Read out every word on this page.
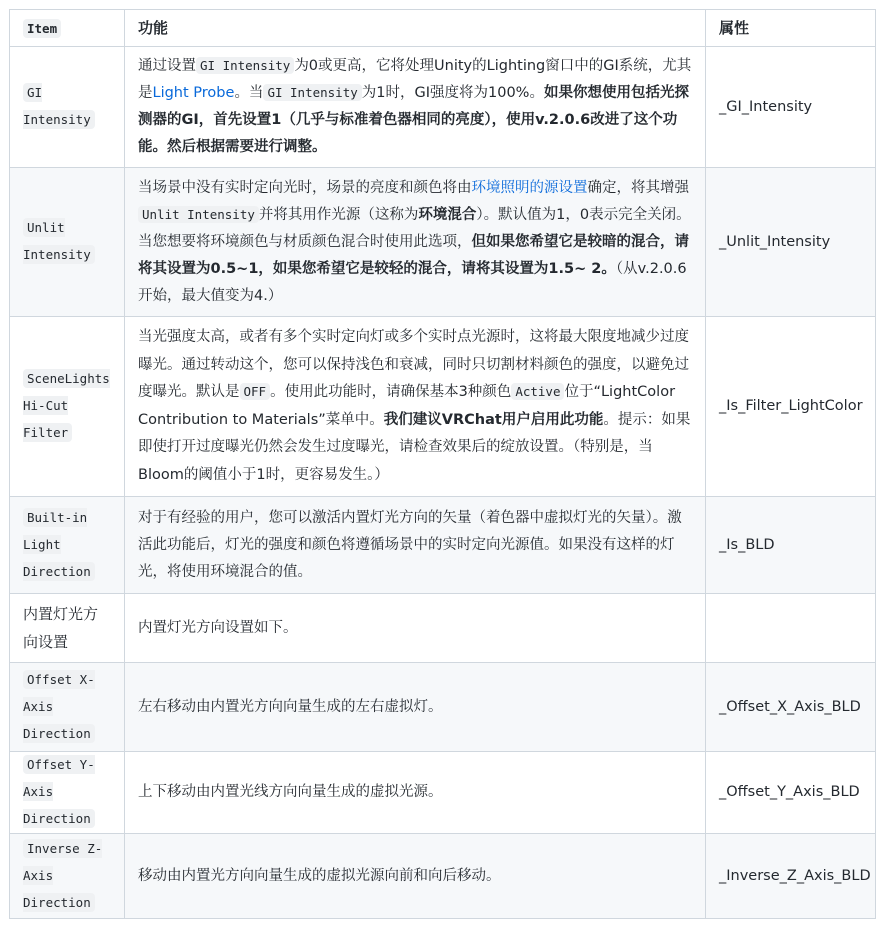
Item	功能	属性
GI Intensity	通过设置 GI Intensity 为0或更高，它将处理Unity的Lighting窗口中的GI系统，尤其是Light Probe。当 GI Intensity 为1时，GI强度将为100%。如果你想使用包括光探测器的GI，首先设置1（几乎与标准着色器相同的亮度），使用v.2.0.6改进了这个功能。然后根据需要进行调整。	_GI_Intensity
Unlit Intensity	当场景中没有实时定向光时，场景的亮度和颜色将由环境照明的源设置确定，将其增强Unlit Intensity 并将其用作光源（这称为环境混合）。默认值为1，0表示完全关闭。当您想要将环境颜色与材质颜色混合时使用此选项，但如果您希望它是较暗的混合，请将其设置为0.5~1，如果您希望它是较轻的混合，请将其设置为1.5~ 2。（从v.2.0.6开始，最大值变为4.）	_Unlit_Intensity
SceneLights Hi-Cut Filter	当光强度太高，或者有多个实时定向灯或多个实时点光源时，这将最大限度地减少过度曝光。通过转动这个，您可以保持浅色和衰减，同时只切割材料颜色的强度，以避免过度曝光。默认是 OFF 。使用此功能时，请确保基本3种颜色 Active 位于“LightColor Contribution to Materials”菜单中。我们建议VRChat用户启用此功能。提示：如果即使打开过度曝光仍然会发生过度曝光，请检查效果后的绽放设置。（特别是，当Bloom的阈值小于1时，更容易发生。）	_Is_Filter_LightColor
Built-in Light Direction	对于有经验的用户，您可以激活内置灯光方向的矢量（着色器中虚拟灯光的矢量）。激活此功能后，灯光的强度和颜色将遵循场景中的实时定向光源值。如果没有这样的灯光，将使用环境混合的值。	_Is_BLD
内置灯光方向设置	内置灯光方向设置如下。	
Offset X-Axis Direction	左右移动由内置光方向向量生成的左右虚拟灯。	_Offset_X_Axis_BLD
Offset Y-Axis Direction	上下移动由内置光线方向向量生成的虚拟光源。	_Offset_Y_Axis_BLD
Inverse Z-Axis Direction	移动由内置光方向向量生成的虚拟光源向前和向后移动。	_Inverse_Z_Axis_BLD
